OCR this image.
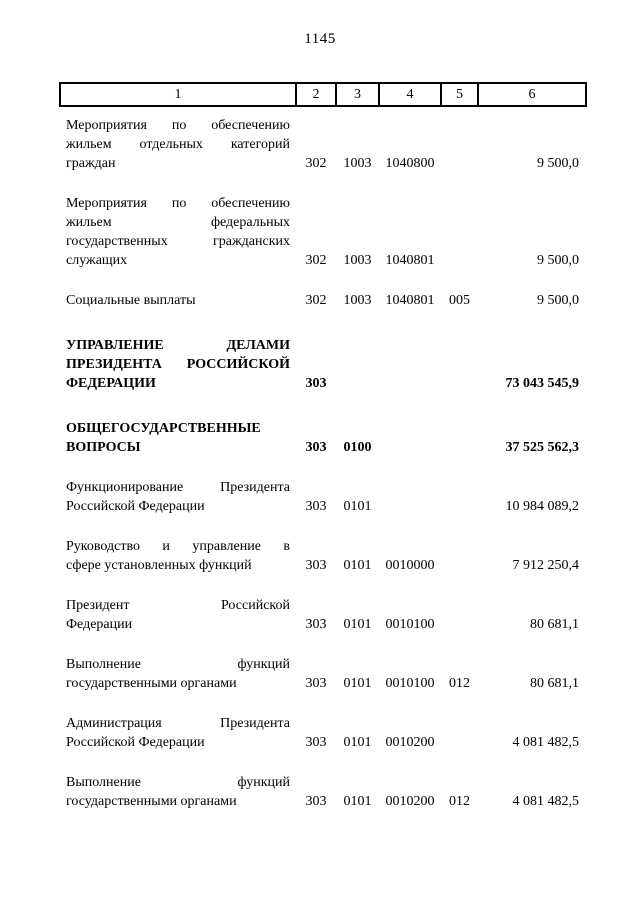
1145
1	2	3	4	5	6

Мероприятия по обеспечению
жильем отдельных категорий
граждан	302	1003	1040800		9 500,0

Мероприятия по обеспечению
жильем федеральных
государственных гражданских
служащих	302	1003	1040801		9 500,0

Социальные выплаты	302	1003	1040801	005	9 500,0

УПРАВЛЕНИЕ ДЕЛАМИ
ПРЕЗИДЕНТА РОССИЙСКОЙ
ФЕДЕРАЦИИ	303				73 043 545,9

ОБЩЕГОСУДАРСТВЕННЫЕ
ВОПРОСЫ	303	0100			37 525 562,3

Функционирование Президента
Российской Федерации	303	0101			10 984 089,2

Руководство и управление в
сфере установленных функций	303	0101	0010000		7 912 250,4

Президент Российской
Федерации	303	0101	0010100		80 681,1

Выполнение функций
государственными органами	303	0101	0010100	012	80 681,1

Администрация Президента
Российской Федерации	303	0101	0010200		4 081 482,5

Выполнение функций
государственными органами	303	0101	0010200	012	4 081 482,5
